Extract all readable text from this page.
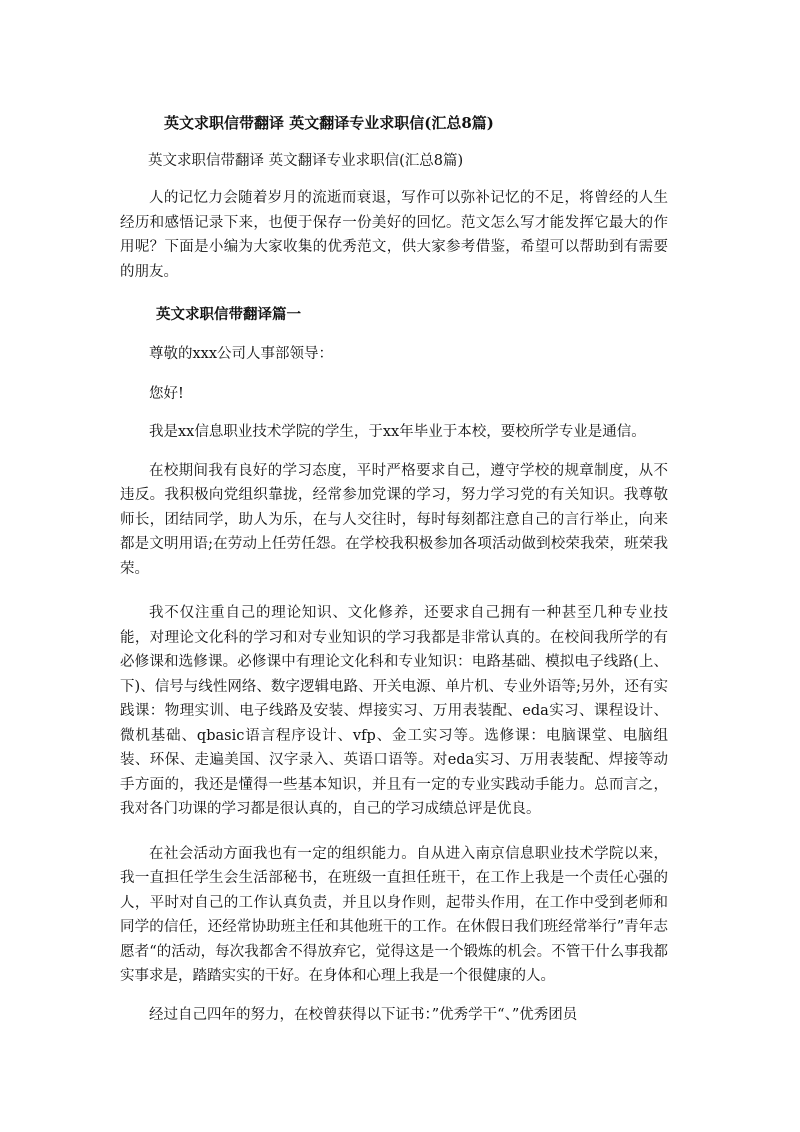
英文求职信带翻译 英文翻译专业求职信(汇总8篇)

英文求职信带翻译 英文翻译专业求职信(汇总8篇)

人的记忆力会随着岁月的流逝而衰退，写作可以弥补记忆的不足，将曾经的人生经历和感悟记录下来，也便于保存一份美好的回忆。范文怎么写才能发挥它最大的作用呢？下面是小编为大家收集的优秀范文，供大家参考借鉴，希望可以帮助到有需要的朋友。

英文求职信带翻译篇一

尊敬的xxx公司人事部领导：

您好!

我是xx信息职业技术学院的学生，于xx年毕业于本校，要校所学专业是通信。

在校期间我有良好的学习态度，平时严格要求自己，遵守学校的规章制度，从不违反。我积极向党组织靠拢，经常参加党课的学习，努力学习党的有关知识。我尊敬师长，团结同学，助人为乐，在与人交往时，每时每刻都注意自己的言行举止，向来都是文明用语;在劳动上任劳任怨。在学校我积极参加各项活动做到校荣我荣，班荣我荣。

我不仅注重自己的理论知识、文化修养，还要求自己拥有一种甚至几种专业技能，对理论文化科的学习和对专业知识的学习我都是非常认真的。在校间我所学的有必修课和选修课。必修课中有理论文化科和专业知识：电路基础、模拟电子线路(上、下)、信号与线性网络、数字逻辑电路、开关电源、单片机、专业外语等;另外，还有实践课：物理实训、电子线路及安装、焊接实习、万用表装配、eda实习、课程设计、微机基础、qbasic语言程序设计、vfp、金工实习等。选修课：电脑课堂、电脑组装、环保、走遍美国、汉字录入、英语口语等。对eda实习、万用表装配、焊接等动手方面的，我还是懂得一些基本知识，并且有一定的专业实践动手能力。总而言之，我对各门功课的学习都是很认真的，自己的学习成绩总评是优良。

在社会活动方面我也有一定的组织能力。自从进入南京信息职业技术学院以来，我一直担任学生会生活部秘书，在班级一直担任班干，在工作上我是一个责任心强的人，平时对自己的工作认真负责，并且以身作则，起带头作用，在工作中受到老师和同学的信任，还经常协助班主任和其他班干的工作。在休假日我们班经常举行”青年志愿者“的活动，每次我都舍不得放弃它，觉得这是一个锻炼的机会。不管干什么事我都实事求是，踏踏实实的干好。在身体和心理上我是一个很健康的人。

经过自己四年的努力，在校曾获得以下证书：”优秀学干“、”优秀团员
